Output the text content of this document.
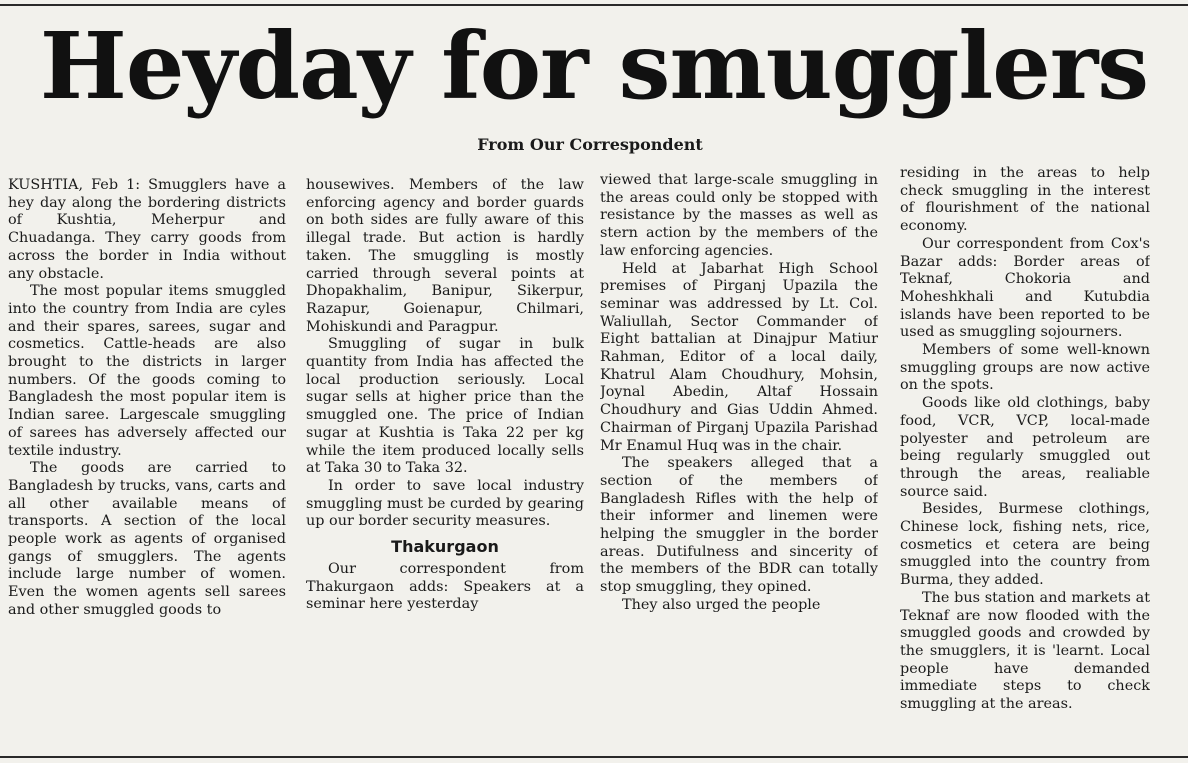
Heyday for smugglers
From Our Correspondent

KUSHTIA, Feb 1: Smugglers have a hey day along the bordering districts of Kushtia, Meherpur and Chuadanga. They carry goods from across the border in India without any obstacle.

The most popular items smuggled into the country from India are cyles and their spares, sarees, sugar and cosmetics. Cattle-heads are also brought to the districts in larger numbers. Of the goods coming to Bangladesh the most popular item is Indian saree. Largescale smuggling of sarees has adversely affected our textile industry.

The goods are carried to Bangladesh by trucks, vans, carts and all other available means of transports. A section of the local people work as agents of organised gangs of smugglers. The agents include large number of women. Even the women agents sell sarees and other smuggled goods to

housewives. Members of the law enforcing agency and border guards on both sides are fully aware of this illegal trade. But action is hardly taken. The smuggling is mostly carried through several points at Dhopakhalim, Banipur, Sikerpur, Razapur, Goienapur, Chilmari, Mohiskundi and Paragpur.

Smuggling of sugar in bulk quantity from India has affected the local production seriously. Local sugar sells at higher price than the smuggled one. The price of Indian sugar at Kushtia is Taka 22 per kg while the item produced locally sells at Taka 30 to Taka 32.

In order to save local industry smuggling must be curded by gearing up our border security measures.

Thakurgaon

Our correspondent from Thakurgaon adds: Speakers at a seminar here yesterday

viewed that large-scale smuggling in the areas could only be stopped with resistance by the masses as well as stern action by the members of the law enforcing agencies.

Held at Jabarhat High School premises of Pirganj Upazila the seminar was addressed by Lt. Col. Waliullah, Sector Commander of Eight battalian at Dinajpur Matiur Rahman, Editor of a local daily, Khatrul Alam Choudhury, Mohsin, Joynal Abedin, Altaf Hossain Choudhury and Gias Uddin Ahmed. Chairman of Pirganj Upazila Parishad Mr Enamul Huq was in the chair.

The speakers alleged that a section of the members of Bangladesh Rifles with the help of their informer and linemen were helping the smuggler in the border areas. Dutifulness and sincerity of the members of the BDR can totally stop smuggling, they opined.

They also urged the people

residing in the areas to help check smuggling in the interest of flourishment of the national economy.

Our correspondent from Cox's Bazar adds: Border areas of Teknaf, Chokoria and Moheshkhali and Kutubdia islands have been reported to be used as smuggling sojourners.

Members of some well-known smuggling groups are now active on the spots.

Goods like old clothings, baby food, VCR, VCP, local-made polyester and petroleum are being regularly smuggled out through the areas, realiable source said.

Besides, Burmese clothings, Chinese lock, fishing nets, rice, cosmetics et cetera are being smuggled into the country from Burma, they added.

The bus station and markets at Teknaf are now flooded with the smuggled goods and crowded by the smugglers, it is 'learnt. Local people have demanded immediate steps to check smuggling at the areas.
